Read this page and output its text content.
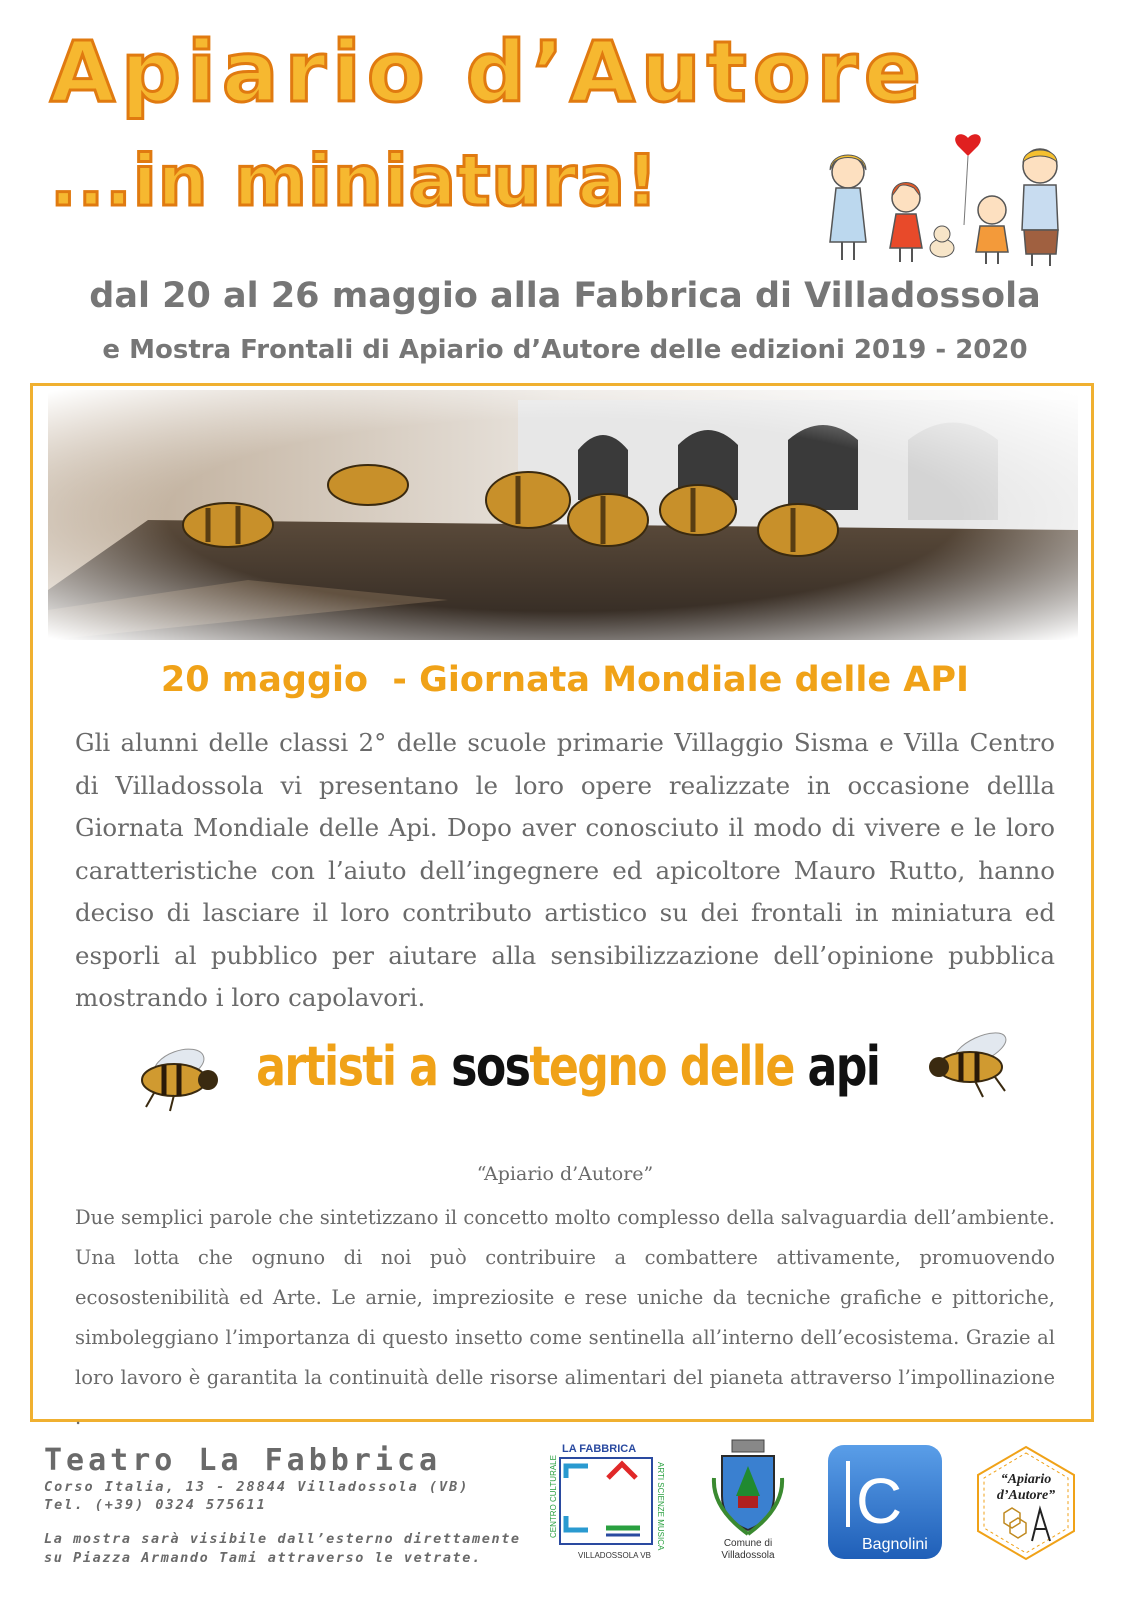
Apiario d’Autore
...in miniatura!
dal 20 al 26 maggio alla Fabbrica di Villadossola
e Mostra Frontali di Apiario d’Autore delle edizioni 2019 - 2020
20 maggio  - Giornata Mondiale delle API
Gli alunni delle classi 2° delle scuole primarie Villaggio Sisma e Villa Centro di Villadossola vi presentano le loro opere realizzate in occasione dellla Giornata Mondiale delle Api. Dopo aver conosciuto il modo di vivere e le loro caratteristiche con l’aiuto dell’ingegnere ed apicoltore Mauro Rutto, hanno deciso di lasciare il loro contributo artistico su dei frontali in miniatura ed esporli al pubblico per aiutare alla sensibilizzazione dell’opinione pubblica mostrando i loro capolavori.
artisti a sostegno delle api
“Apiario d’Autore”
Due semplici parole che sintetizzano il concetto molto complesso della salvaguardia dell’ambiente. Una lotta che ognuno di noi può contribuire a combattere attivamente, promuovendo ecosostenibilità ed Arte. Le arnie, impreziosite e rese uniche da tecniche grafiche e pittoriche, simboleggiano l’importanza di questo insetto come sentinella all’interno dell’ecosistema. Grazie al loro lavoro è garantita la continuità delle risorse alimentari del pianeta attraverso l’impollinazione .
Teatro La Fabbrica
Corso Italia, 13 - 28844 Villadossola (VB)
Tel. (+39) 0324 575611
La mostra sarà visibile dall’esterno direttamente
su Piazza Armando Tami attraverso le vetrate.
LA FABBRICA
CENTRO CULTURALE	ARTI SCIENZE MUSICA
VILLADOSSOLA VB
Comune di
Villadossola
C
Bagnolini
“Apiario
d’Autore”
